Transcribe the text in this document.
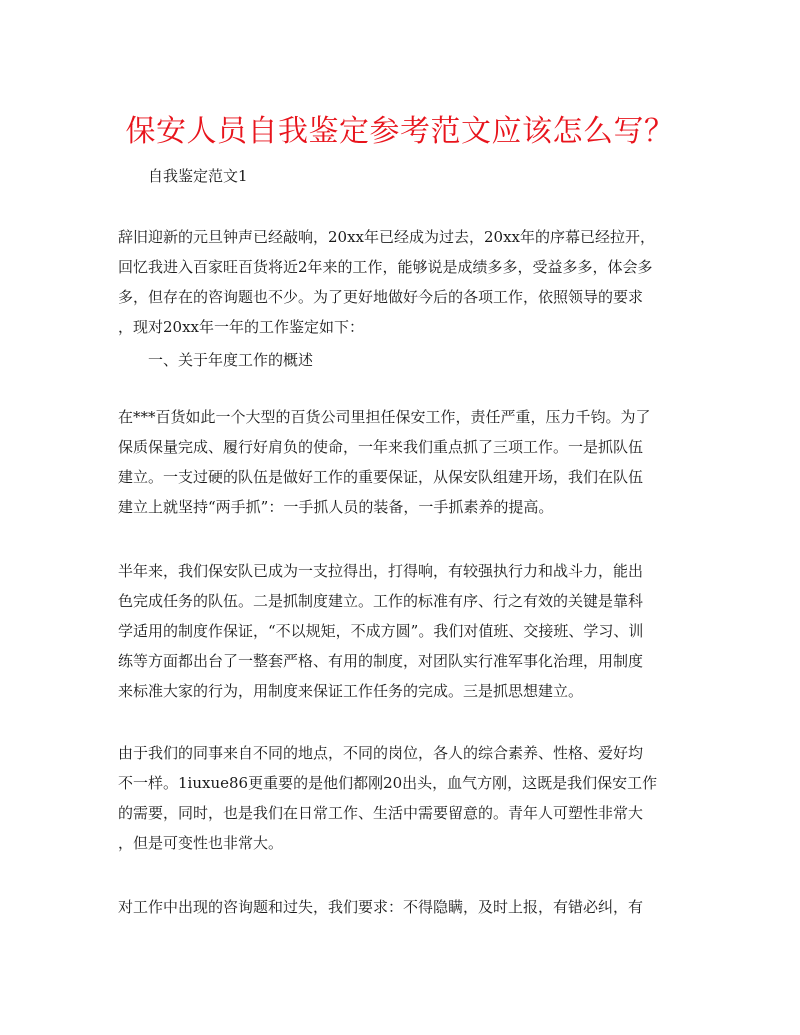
保安人员自我鉴定参考范文应该怎么写？

自我鉴定范文1

辞旧迎新的元旦钟声已经敲响，20xx年已经成为过去，20xx年的序幕已经拉开，
回忆我进入百家旺百货将近2年来的工作，能够说是成绩多多，受益多多，体会多
多，但存在的咨询题也不少。为了更好地做好今后的各项工作，依照领导的要求
，现对20xx年一年的工作鉴定如下：

一、关于年度工作的概述

在***百货如此一个大型的百货公司里担任保安工作，责任严重，压力千钧。为了
保质保量完成、履行好肩负的使命，一年来我们重点抓了三项工作。一是抓队伍
建立。一支过硬的队伍是做好工作的重要保证，从保安队组建开场，我们在队伍
建立上就坚持“两手抓”：一手抓人员的装备，一手抓素养的提高。
半年来，我们保安队已成为一支拉得出，打得响，有较强执行力和战斗力，能出
色完成任务的队伍。二是抓制度建立。工作的标准有序、行之有效的关键是靠科
学适用的制度作保证，“不以规矩，不成方圆”。我们对值班、交接班、学习、训
练等方面都出台了一整套严格、有用的制度，对团队实行准军事化治理，用制度
来标准大家的行为，用制度来保证工作任务的完成。三是抓思想建立。
由于我们的同事来自不同的地点，不同的岗位，各人的综合素养、性格、爱好均
不一样。1iuxue86更重要的是他们都刚20出头，血气方刚，这既是我们保安工作
的需要，同时，也是我们在日常工作、生活中需要留意的。青年人可塑性非常大
，但是可变性也非常大。
对工作中出现的咨询题和过失，我们要求：不得隐瞒，及时上报，有错必纠，有
